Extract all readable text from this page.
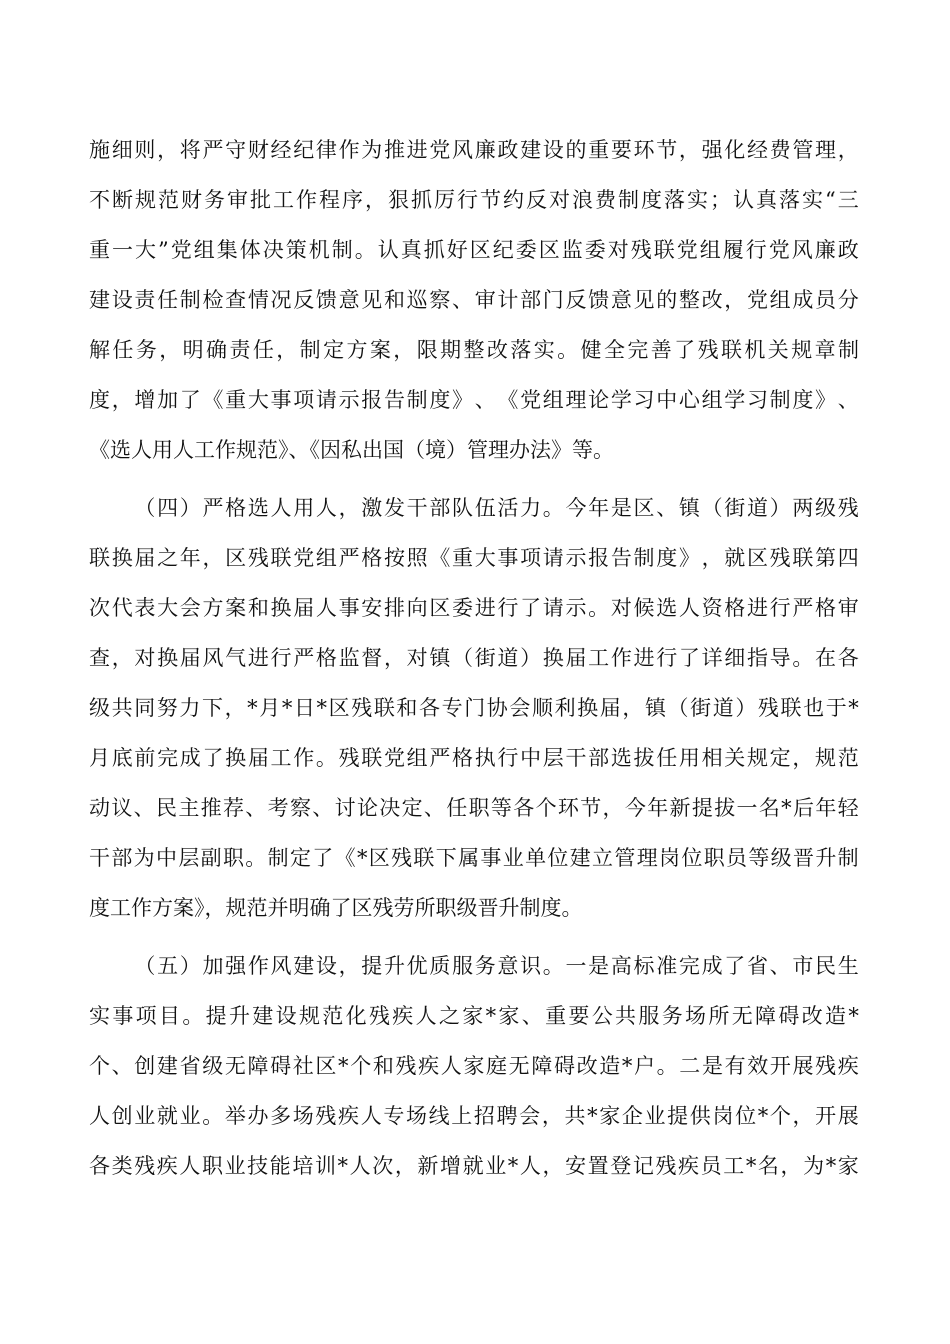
施 细 则 ， 将 严 守 财 经 纪 律 作 为 推 进 党 风 廉 政 建 设 的 重 要 环 节 ， 强 化 经 费 管 理 ，
不 断 规 范 财 务 审 批 工 作 程 序 ， 狠 抓 厉 行 节 约 反 对 浪 费 制 度 落 实 ； 认 真 落 实 “ 三
重 一 大 ” 党 组 集 体 决 策 机 制 。 认 真 抓 好 区 纪 委 区 监 委 对 残 联 党 组 履 行 党 风 廉 政
建 设 责 任 制 检 查 情 况 反 馈 意 见 和 巡 察 、 审 计 部 门 反 馈 意 见 的 整 改 ， 党 组 成 员 分
解 任 务 ， 明 确 责 任 ， 制 定 方 案 ， 限 期 整 改 落 实 。 健 全 完 善 了 残 联 机 关 规 章 制
度 ， 增 加 了 《 重 大 事 项 请 示 报 告 制 度 》 、 《 党 组 理 论 学 习 中 心 组 学 习 制 度 》 、
《选人用人工作规范》、《因私出国（境）管理办法》等。

（ 四 ） 严 格 选 人 用 人 ， 激 发 干 部 队 伍 活 力 。 今 年 是 区 、 镇 （ 街 道 ） 两 级 残
联 换 届 之 年 ， 区 残 联 党 组 严 格 按 照 《 重 大 事 项 请 示 报 告 制 度 》 ， 就 区 残 联 第 四
次 代 表 大 会 方 案 和 换 届 人 事 安 排 向 区 委 进 行 了 请 示 。 对 候 选 人 资 格 进 行 严 格 审
查 ， 对 换 届 风 气 进 行 严 格 监 督 ， 对 镇 （ 街 道 ） 换 届 工 作 进 行 了 详 细 指 导 。 在 各
级 共 同 努 力 下 ， * 月 * 日 * 区 残 联 和 各 专 门 协 会 顺 利 换 届 ， 镇 （ 街 道 ） 残 联 也 于 *
月 底 前 完 成 了 换 届 工 作 。 残 联 党 组 严 格 执 行 中 层 干 部 选 拔 任 用 相 关 规 定 ， 规 范
动 议 、 民 主 推 荐 、 考 察 、 讨 论 决 定 、 任 职 等 各 个 环 节 ， 今 年 新 提 拔 一 名 * 后 年 轻
干 部 为 中 层 副 职 。 制 定 了 《 * 区 残 联 下 属 事 业 单 位 建 立 管 理 岗 位 职 员 等 级 晋 升 制
度工作方案》，规范并明确了区残劳所职级晋升制度。

（ 五 ） 加 强 作 风 建 设 ， 提 升 优 质 服 务 意 识 。 一 是 高 标 准 完 成 了 省 、 市 民 生
实 事 项 目 。 提 升 建 设 规 范 化 残 疾 人 之 家 * 家 、 重 要 公 共 服 务 场 所 无 障 碍 改 造 *
个 、 创 建 省 级 无 障 碍 社 区 * 个 和 残 疾 人 家 庭 无 障 碍 改 造 * 户 。 二 是 有 效 开 展 残 疾
人 创 业 就 业 。 举 办 多 场 残 疾 人 专 场 线 上 招 聘 会 ， 共 * 家 企 业 提 供 岗 位 * 个 ， 开 展
各 类 残 疾 人 职 业 技 能 培 训 * 人 次 ， 新 增 就 业 * 人 ， 安 置 登 记 残 疾 员 工 * 名 ， 为 * 家
